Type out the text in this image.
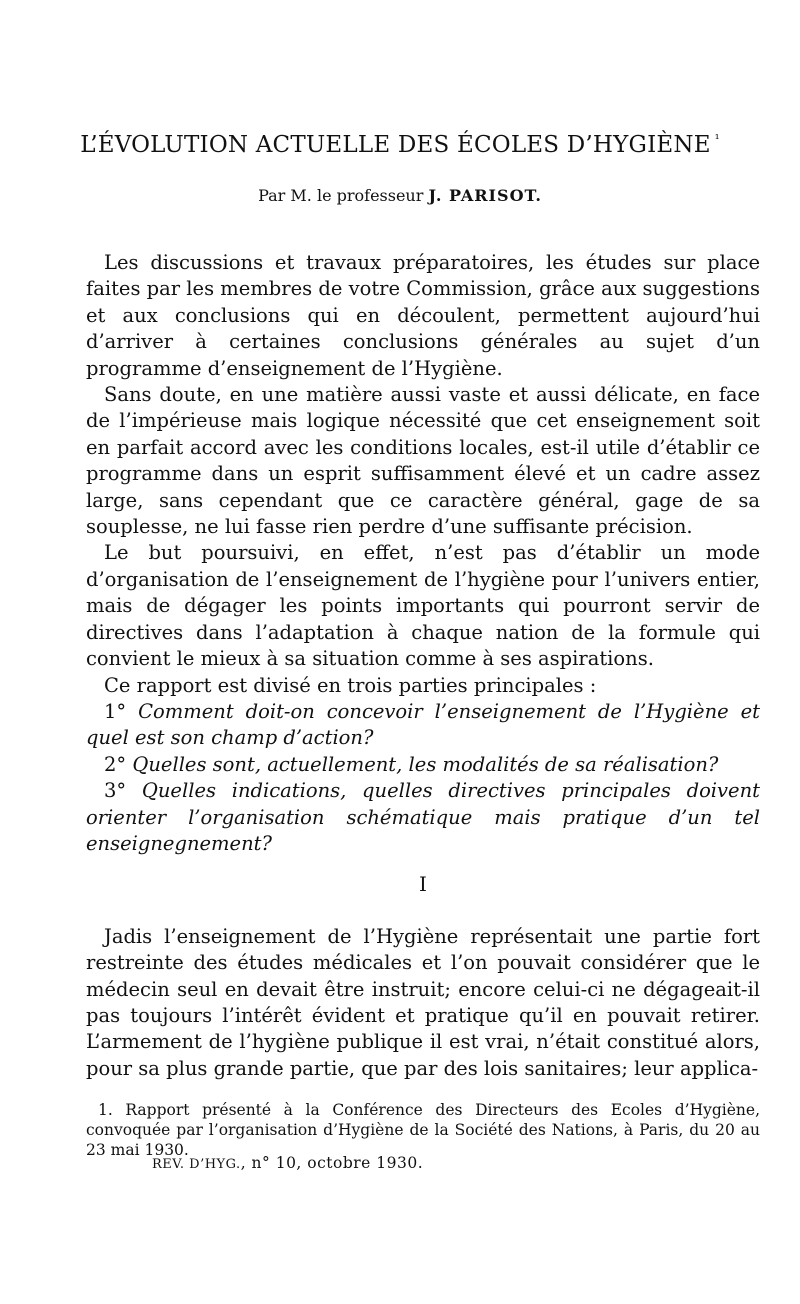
L’ÉVOLUTION ACTUELLE DES ÉCOLES D’HYGIÈNE $^{^1}$
Par M. le professeur J. PARISOT.

Les discussions et travaux préparatoires, les études sur place faites par les membres de votre Commission, grâce aux suggestions et aux conclusions qui en découlent, permettent aujourd’hui d’arriver à certaines conclusions générales au sujet d’un programme d’enseignement de l’Hygiène.

Sans doute, en une matière aussi vaste et aussi délicate, en face de l’impérieuse mais logique nécessité que cet enseignement soit en parfait accord avec les conditions locales, est-il utile d’établir ce programme dans un esprit suffisamment élevé et un cadre assez large, sans cependant que ce caractère général, gage de sa souplesse, ne lui fasse rien perdre d’une suffisante précision.

Le but poursuivi, en effet, n’est pas d’établir un mode d’organisation de l’enseignement de l’hygiène pour l’univers entier, mais de dégager les points importants qui pourront servir de directives dans l’adaptation à chaque nation de la formule qui convient le mieux à sa situation comme à ses aspirations.

Ce rapport est divisé en trois parties principales :

1° Comment doit-on concevoir l’enseignement de l’Hygiène et quel est son champ d’action?

2° Quelles sont, actuellement, les modalités de sa réalisation?

3° Quelles indications, quelles directives principales doivent orienter l’organisation schématique mais pratique d’un tel enseignegnement?

I

Jadis l’enseignement de l’Hygiène représentait une partie fort restreinte des études médicales et l’on pouvait considérer que le médecin seul en devait être instruit; encore celui-ci ne dégageait-il pas toujours l’intérêt évident et pratique qu’il en pouvait retirer. L’armement de l’hygiène publique il est vrai, n’était constitué alors, pour sa plus grande partie, que par des lois sanitaires; leur applica-

1. Rapport présenté à la Conférence des Directeurs des Ecoles d’Hygiène, convoquée par l’organisation d’Hygiène de la Société des Nations, à Paris, du 20 au 23 mai 1930.

REV. D’HYG., n° 10, octobre 1930.
